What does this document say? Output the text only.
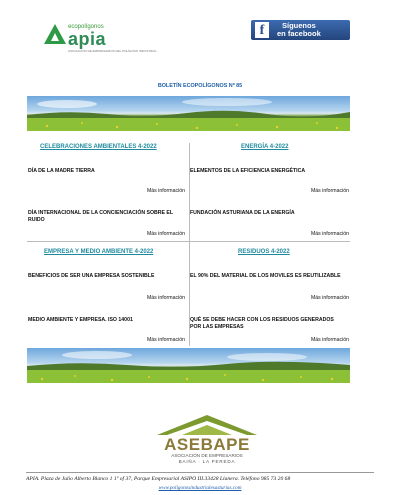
ecopolígonos
apia
ASOCIACIÓN DE EMPRESARIOS DEL POLÍGONO INDUSTRIAL
f	Síguenos
en facebook
BOLETÍN ECOPOLÍGONOS Nº 85
CELEBRACIONES AMBIENTALES 4-2022
DÍA DE LA MADRE TIERRA
Más información
DÍA INTERNACIONAL DE LA CONCIENCIACIÓN SOBRE EL RUIDO
Más información
ENERGÍA 4-2022
ELEMENTOS DE LA EFICIENCIA ENERGÉTICA
Más información
FUNDACIÓN ASTURIANA DE LA ENERGÍA
Más información
EMPRESA Y MEDIO AMBIENTE 4-2022
BENEFICIOS DE SER UNA EMPRESA SOSTENIBLE
Más información
MEDIO AMBIENTE Y EMPRESA. ISO 14001
Más información
RESIDUOS 4-2022
EL 90% DEL MATERIAL DE LOS MOVILES ES REUTILIZABLE
Más información
QUÉ SE DEBE HACER CON LOS RESIDUOS GENERADOS POR LAS EMPRESAS
Más información
ASEBAPE
ASOCIACIÓN DE EMPRESARIOS
BAIÑA · LA PEREDA
APIA. Plaza de Julio Alberto Blanco 1 1º of 37, Parque Empresarial ASIPO III.33428 Llanera. Teléfono 985 73 20 68
www.poligonosindustrialesasturias.com
